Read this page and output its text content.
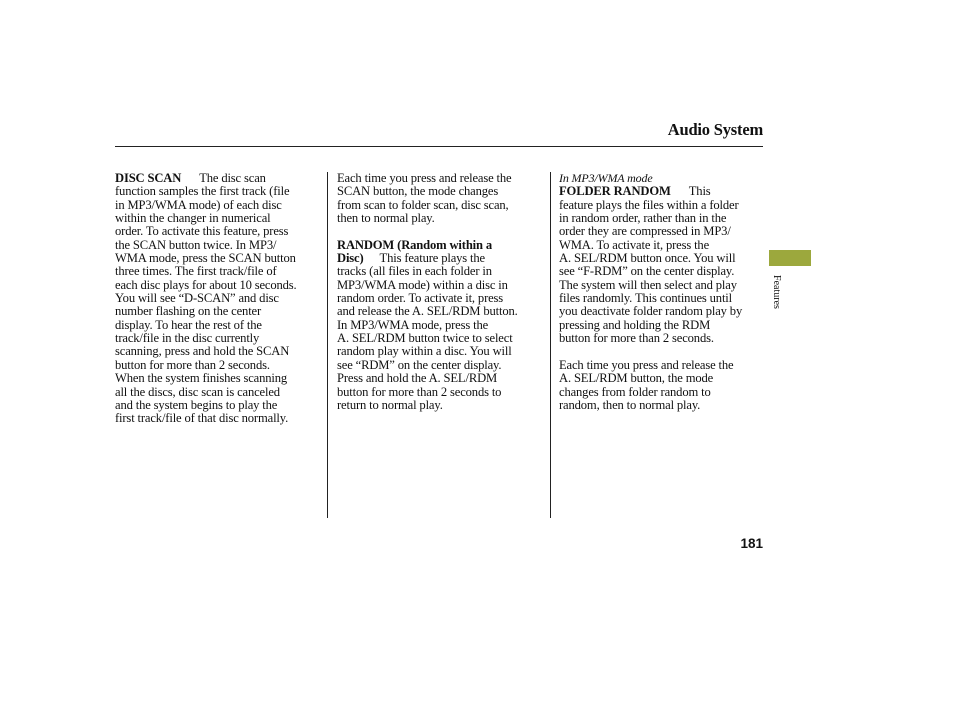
Audio System
DISC SCAN The disc scan
function samples the first track (file
in MP3/WMA mode) of each disc
within the changer in numerical
order. To activate this feature, press
the SCAN button twice. In MP3/
WMA mode, press the SCAN button
three times. The first track/file of
each disc plays for about 10 seconds.
You will see “D-SCAN” and disc
number flashing on the center
display. To hear the rest of the
track/file in the disc currently
scanning, press and hold the SCAN
button for more than 2 seconds.
When the system finishes scanning
all the discs, disc scan is canceled
and the system begins to play the
first track/file of that disc normally.
Each time you press and release the
SCAN button, the mode changes
from scan to folder scan, disc scan,
then to normal play.
RANDOM (Random within a
Disc) This feature plays the
tracks (all files in each folder in
MP3/WMA mode) within a disc in
random order. To activate it, press
and release the A. SEL/RDM button.
In MP3/WMA mode, press the
A. SEL/RDM button twice to select
random play within a disc. You will
see “RDM” on the center display.
Press and hold the A. SEL/RDM
button for more than 2 seconds to
return to normal play.
In MP3/WMA mode
FOLDER RANDOM This
feature plays the files within a folder
in random order, rather than in the
order they are compressed in MP3/
WMA. To activate it, press the
A. SEL/RDM button once. You will
see “F-RDM” on the center display.
The system will then select and play
files randomly. This continues until
you deactivate folder random play by
pressing and holding the RDM
button for more than 2 seconds.
Each time you press and release the
A. SEL/RDM button, the mode
changes from folder random to
random, then to normal play.
Features
181
